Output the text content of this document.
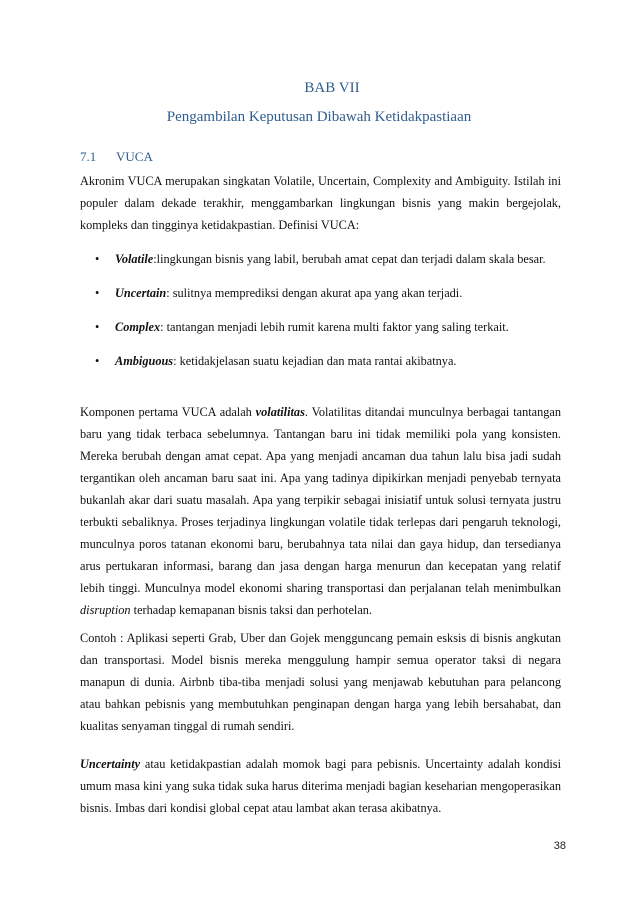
BAB VII
Pengambilan Keputusan Dibawah Ketidakpastiaan
7.1 VUCA

Akronim VUCA merupakan singkatan Volatile, Uncertain, Complexity and Ambiguity. Istilah ini populer dalam dekade terakhir, menggambarkan lingkungan bisnis yang makin bergejolak, kompleks dan tingginya ketidakpastian. Definisi VUCA:

• Volatile:lingkungan bisnis yang labil, berubah amat cepat dan terjadi dalam skala besar.

• Uncertain: sulitnya memprediksi dengan akurat apa yang akan terjadi.

• Complex: tantangan menjadi lebih rumit karena multi faktor yang saling terkait.

• Ambiguous: ketidakjelasan suatu kejadian dan mata rantai akibatnya.

Komponen pertama VUCA adalah volatilitas. Volatilitas ditandai munculnya berbagai tantangan baru yang tidak terbaca sebelumnya. Tantangan baru ini tidak memiliki pola yang konsisten. Mereka berubah dengan amat cepat. Apa yang menjadi ancaman dua tahun lalu bisa jadi sudah tergantikan oleh ancaman baru saat ini. Apa yang tadinya dipikirkan menjadi penyebab ternyata bukanlah akar dari suatu masalah. Apa yang terpikir sebagai inisiatif untuk solusi ternyata justru terbukti sebaliknya. Proses terjadinya lingkungan volatile tidak terlepas dari pengaruh teknologi, munculnya poros tatanan ekonomi baru, berubahnya tata nilai dan gaya hidup, dan tersedianya arus pertukaran informasi, barang dan jasa dengan harga menurun dan kecepatan yang relatif lebih tinggi. Munculnya model ekonomi sharing transportasi dan perjalanan telah menimbulkan disruption terhadap kemapanan bisnis taksi dan perhotelan.

Contoh : Aplikasi seperti Grab, Uber dan Gojek mengguncang pemain esksis di bisnis angkutan dan transportasi. Model bisnis mereka menggulung hampir semua operator taksi di negara manapun di dunia. Airbnb tiba-tiba menjadi solusi yang menjawab kebutuhan para pelancong atau bahkan pebisnis yang membutuhkan penginapan dengan harga yang lebih bersahabat, dan kualitas senyaman tinggal di rumah sendiri.

Uncertainty atau ketidakpastian adalah momok bagi para pebisnis. Uncertainty adalah kondisi umum masa kini yang suka tidak suka harus diterima menjadi bagian keseharian mengoperasikan bisnis. Imbas dari kondisi global cepat atau lambat akan terasa akibatnya.

38
